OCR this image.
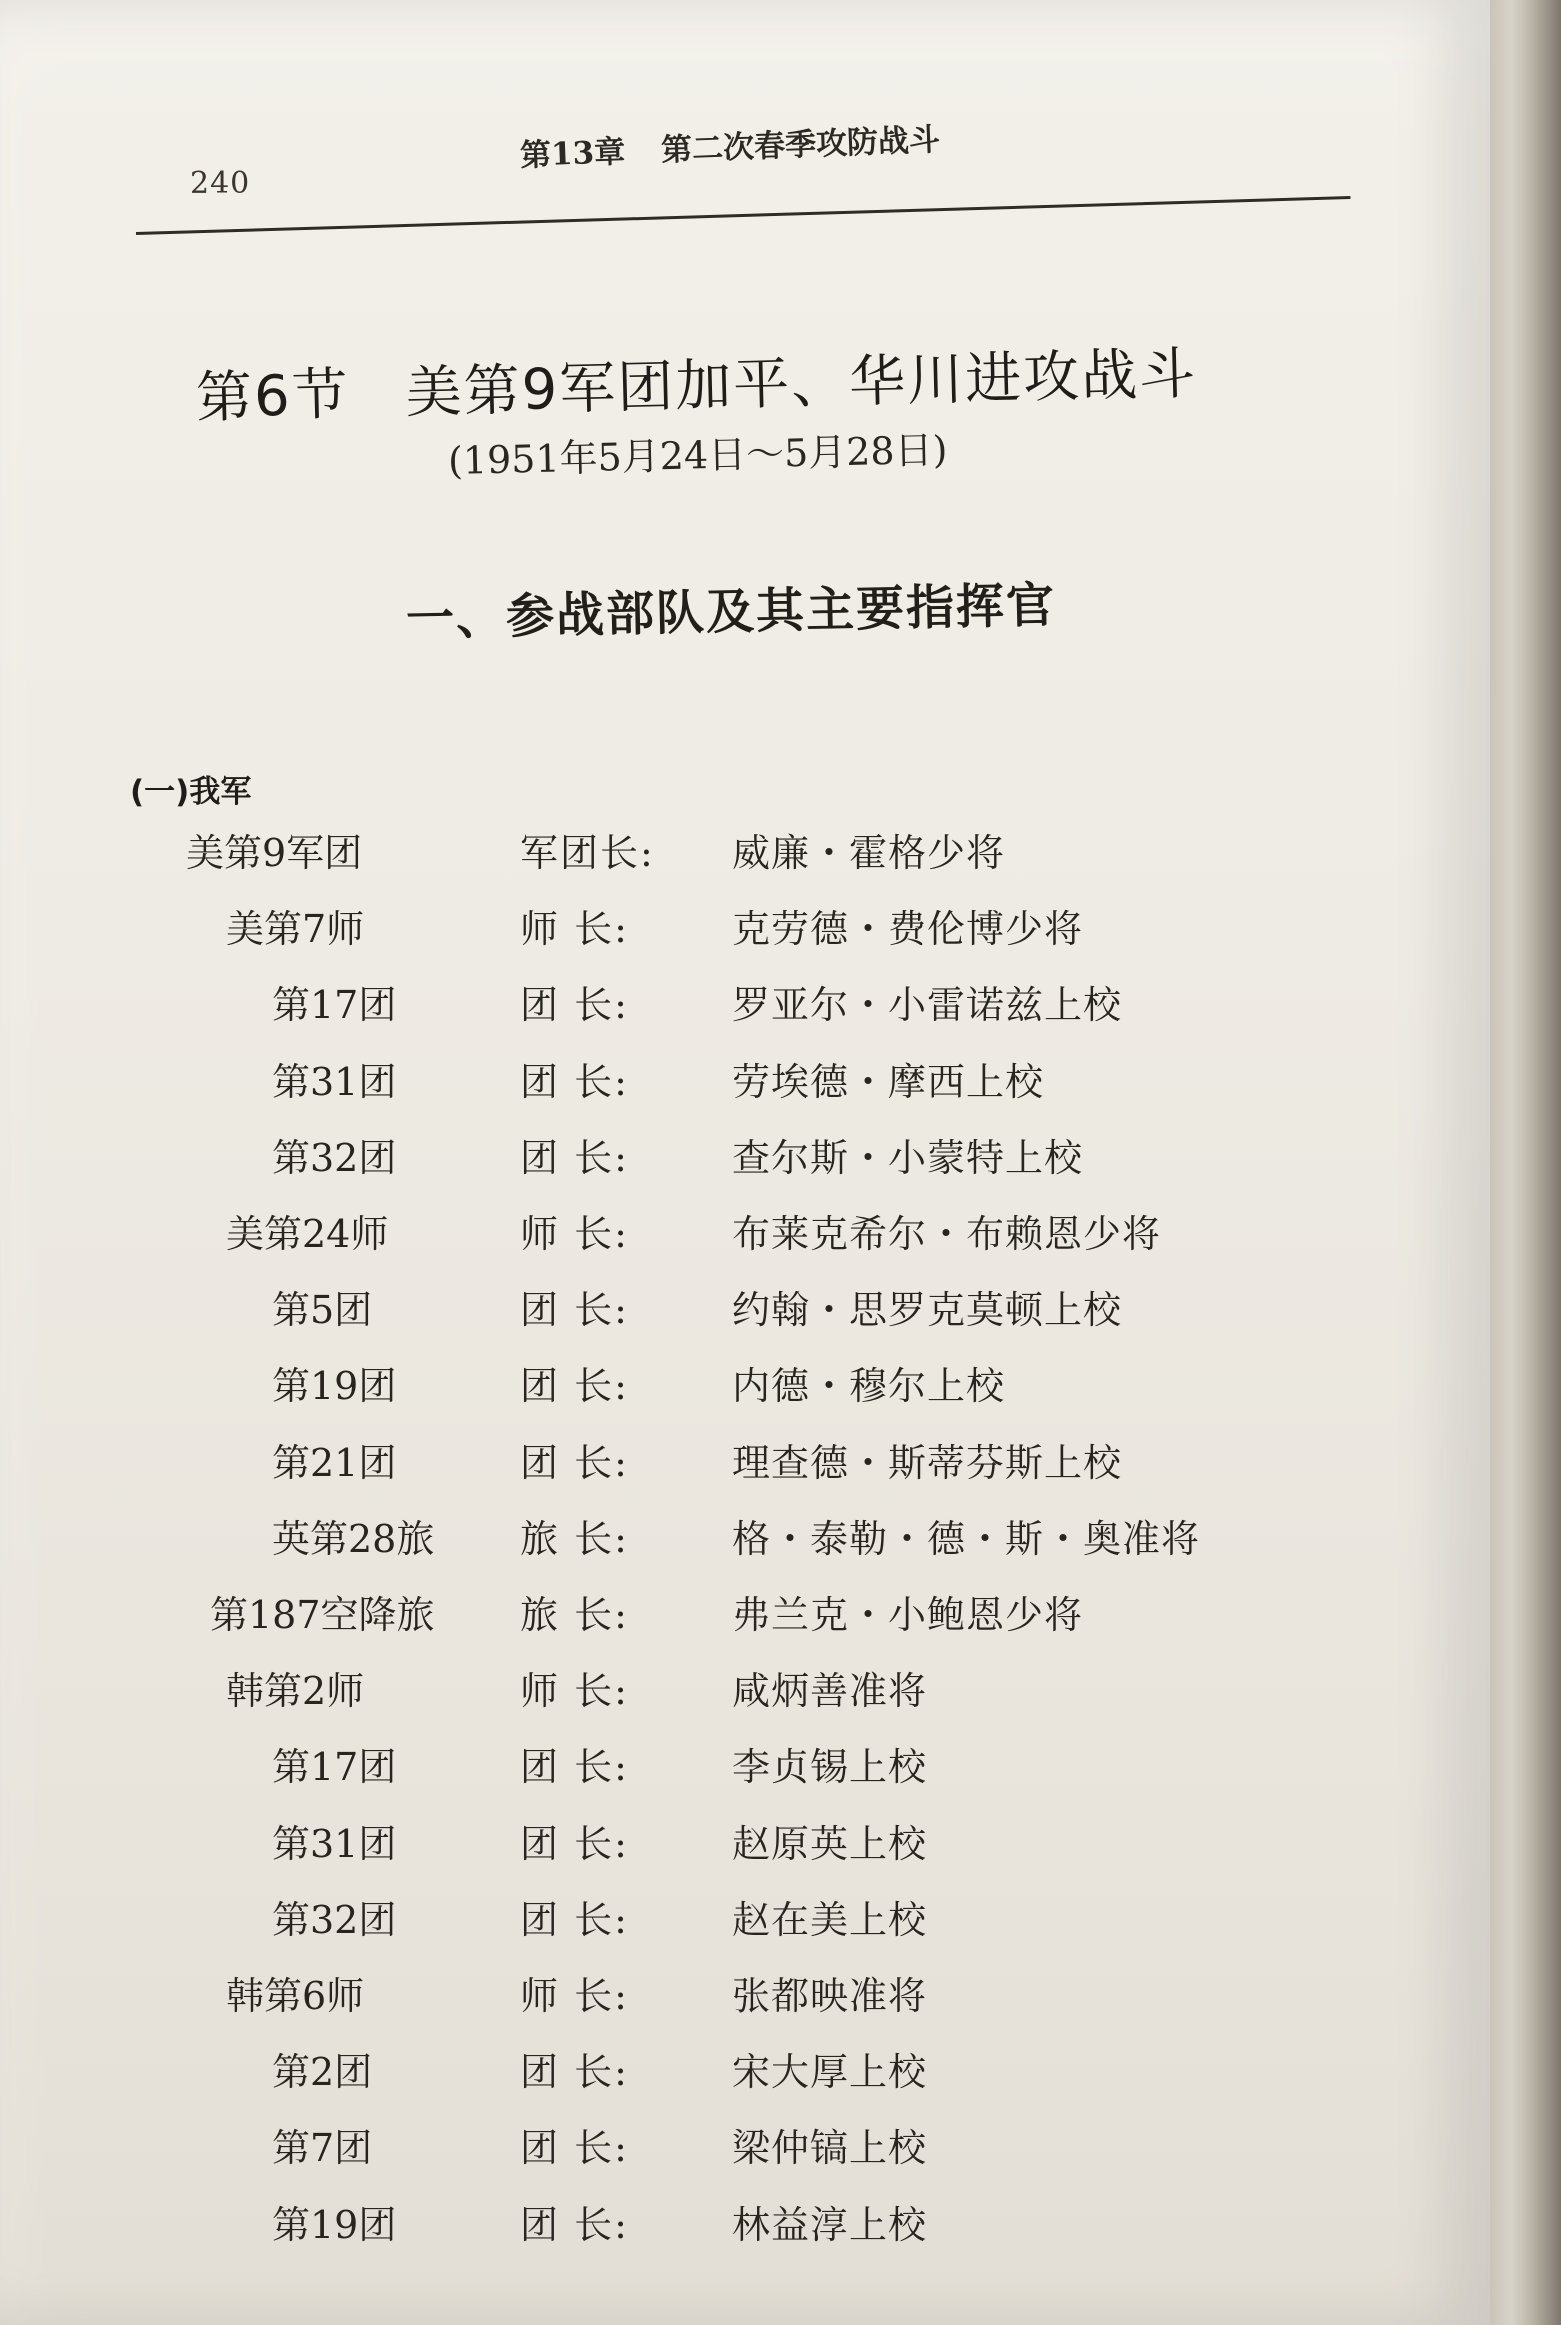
240
第13章 第二次春季攻防战斗
第6节 美第9军团加平、华川进攻战斗
(1951年5月24日～5月28日)
一、参战部队及其主要指挥官
(一)我军
美第9军团	军团长: 威廉・霍格少将
美第7师	师 长:	克劳德・费伦博少将
第17团	团 长:	罗亚尔・小雷诺兹上校
第31团	团 长:	劳埃德・摩西上校
第32团	团 长:	查尔斯・小蒙特上校
美第24师	师 长:	布莱克希尔・布赖恩少将
第5团	团 长:	约翰・思罗克莫顿上校
第19团	团 长:	内德・穆尔上校
第21团	团 长:	理查德・斯蒂芬斯上校
英第28旅 旅 长:	格・泰勒・德・斯・奥准将
第187空降旅 旅 长:	弗兰克・小鲍恩少将
韩第2师	师 长:	咸炳善准将
第17团	团 长:	李贞锡上校
第31团	团 长:	赵原英上校
第32团	团 长:	赵在美上校
韩第6师	师 长:	张都映准将
第2团	团 长:	宋大厚上校
第7团	团 长:	梁仲镐上校
第19团	团 长:	林益淳上校
